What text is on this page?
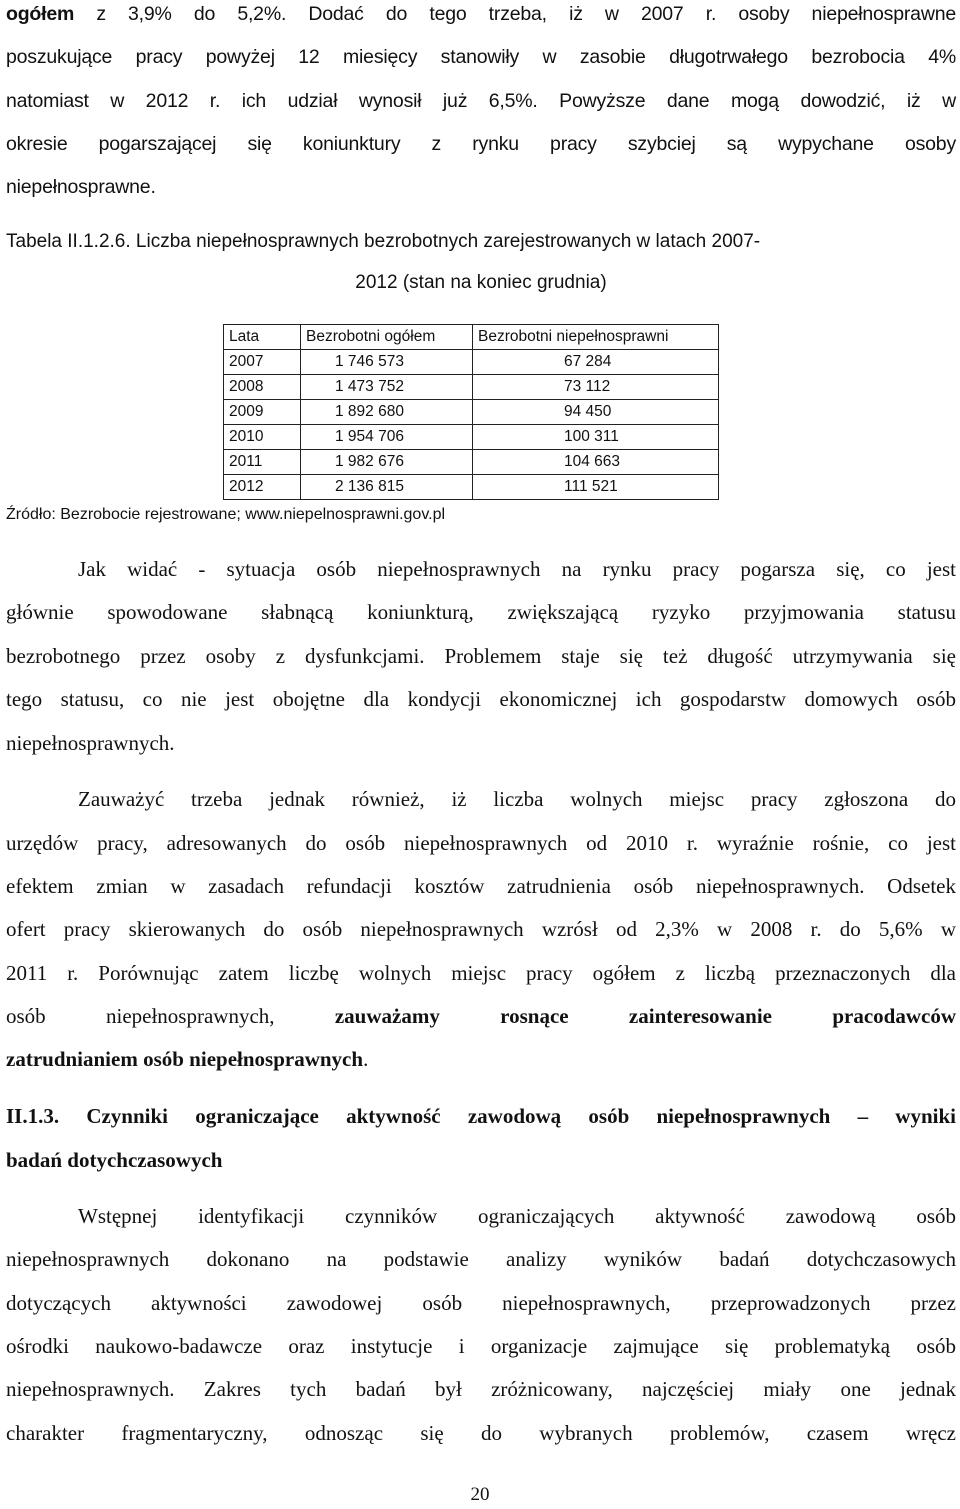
ogółem z 3,9% do 5,2%. Dodać do tego trzeba, iż w 2007 r. osoby niepełnosprawne
poszukujące pracy powyżej 12 miesięcy stanowiły w zasobie długotrwałego bezrobocia 4%
natomiast w 2012 r. ich udział wynosił już 6,5%. Powyższe dane mogą dowodzić, iż w
okresie pogarszającej się koniunktury z rynku pracy szybciej są wypychane osoby
niepełnosprawne.
Tabela II.1.2.6. Liczba niepełnosprawnych bezrobotnych zarejestrowanych w latach 2007-
2012 (stan na koniec grudnia)
Lata	Bezrobotni ogółem	Bezrobotni niepełnosprawni
2007	1 746 573	67 284
2008	1 473 752	73 112
2009	1 892 680	94 450
2010	1 954 706	100 311
2011	1 982 676	104 663
2012	2 136 815	111 521
Źródło: Bezrobocie rejestrowane; www.niepelnosprawni.gov.pl
Jak widać - sytuacja osób niepełnosprawnych na rynku pracy pogarsza się, co jest
głównie spowodowane słabnącą koniunkturą, zwiększającą ryzyko przyjmowania statusu
bezrobotnego przez osoby z dysfunkcjami. Problemem staje się też długość utrzymywania się
tego statusu, co nie jest obojętne dla kondycji ekonomicznej ich gospodarstw domowych osób
niepełnosprawnych.
Zauważyć trzeba jednak również, iż liczba wolnych miejsc pracy zgłoszona do
urzędów pracy, adresowanych do osób niepełnosprawnych od 2010 r. wyraźnie rośnie, co jest
efektem zmian w zasadach refundacji kosztów zatrudnienia osób niepełnosprawnych. Odsetek
ofert pracy skierowanych do osób niepełnosprawnych wzrósł od 2,3% w 2008 r. do 5,6% w
2011 r. Porównując zatem liczbę wolnych miejsc pracy ogółem z liczbą przeznaczonych dla
osób niepełnosprawnych,	zauważamy rosnące zainteresowanie pracodawców
zatrudnianiem osób niepełnosprawnych.
II.1.3. Czynniki ograniczające aktywność zawodową osób niepełnosprawnych – wyniki
badań dotychczasowych
Wstępnej identyfikacji czynników ograniczających aktywność zawodową osób
niepełnosprawnych dokonano na podstawie analizy wyników badań dotychczasowych
dotyczących aktywności zawodowej osób niepełnosprawnych, przeprowadzonych przez
ośrodki naukowo-badawcze oraz instytucje i organizacje zajmujące się problematyką osób
niepełnosprawnych. Zakres tych badań był zróżnicowany, najczęściej miały one jednak
charakter fragmentaryczny, odnosząc się do wybranych problemów, czasem wręcz
20
